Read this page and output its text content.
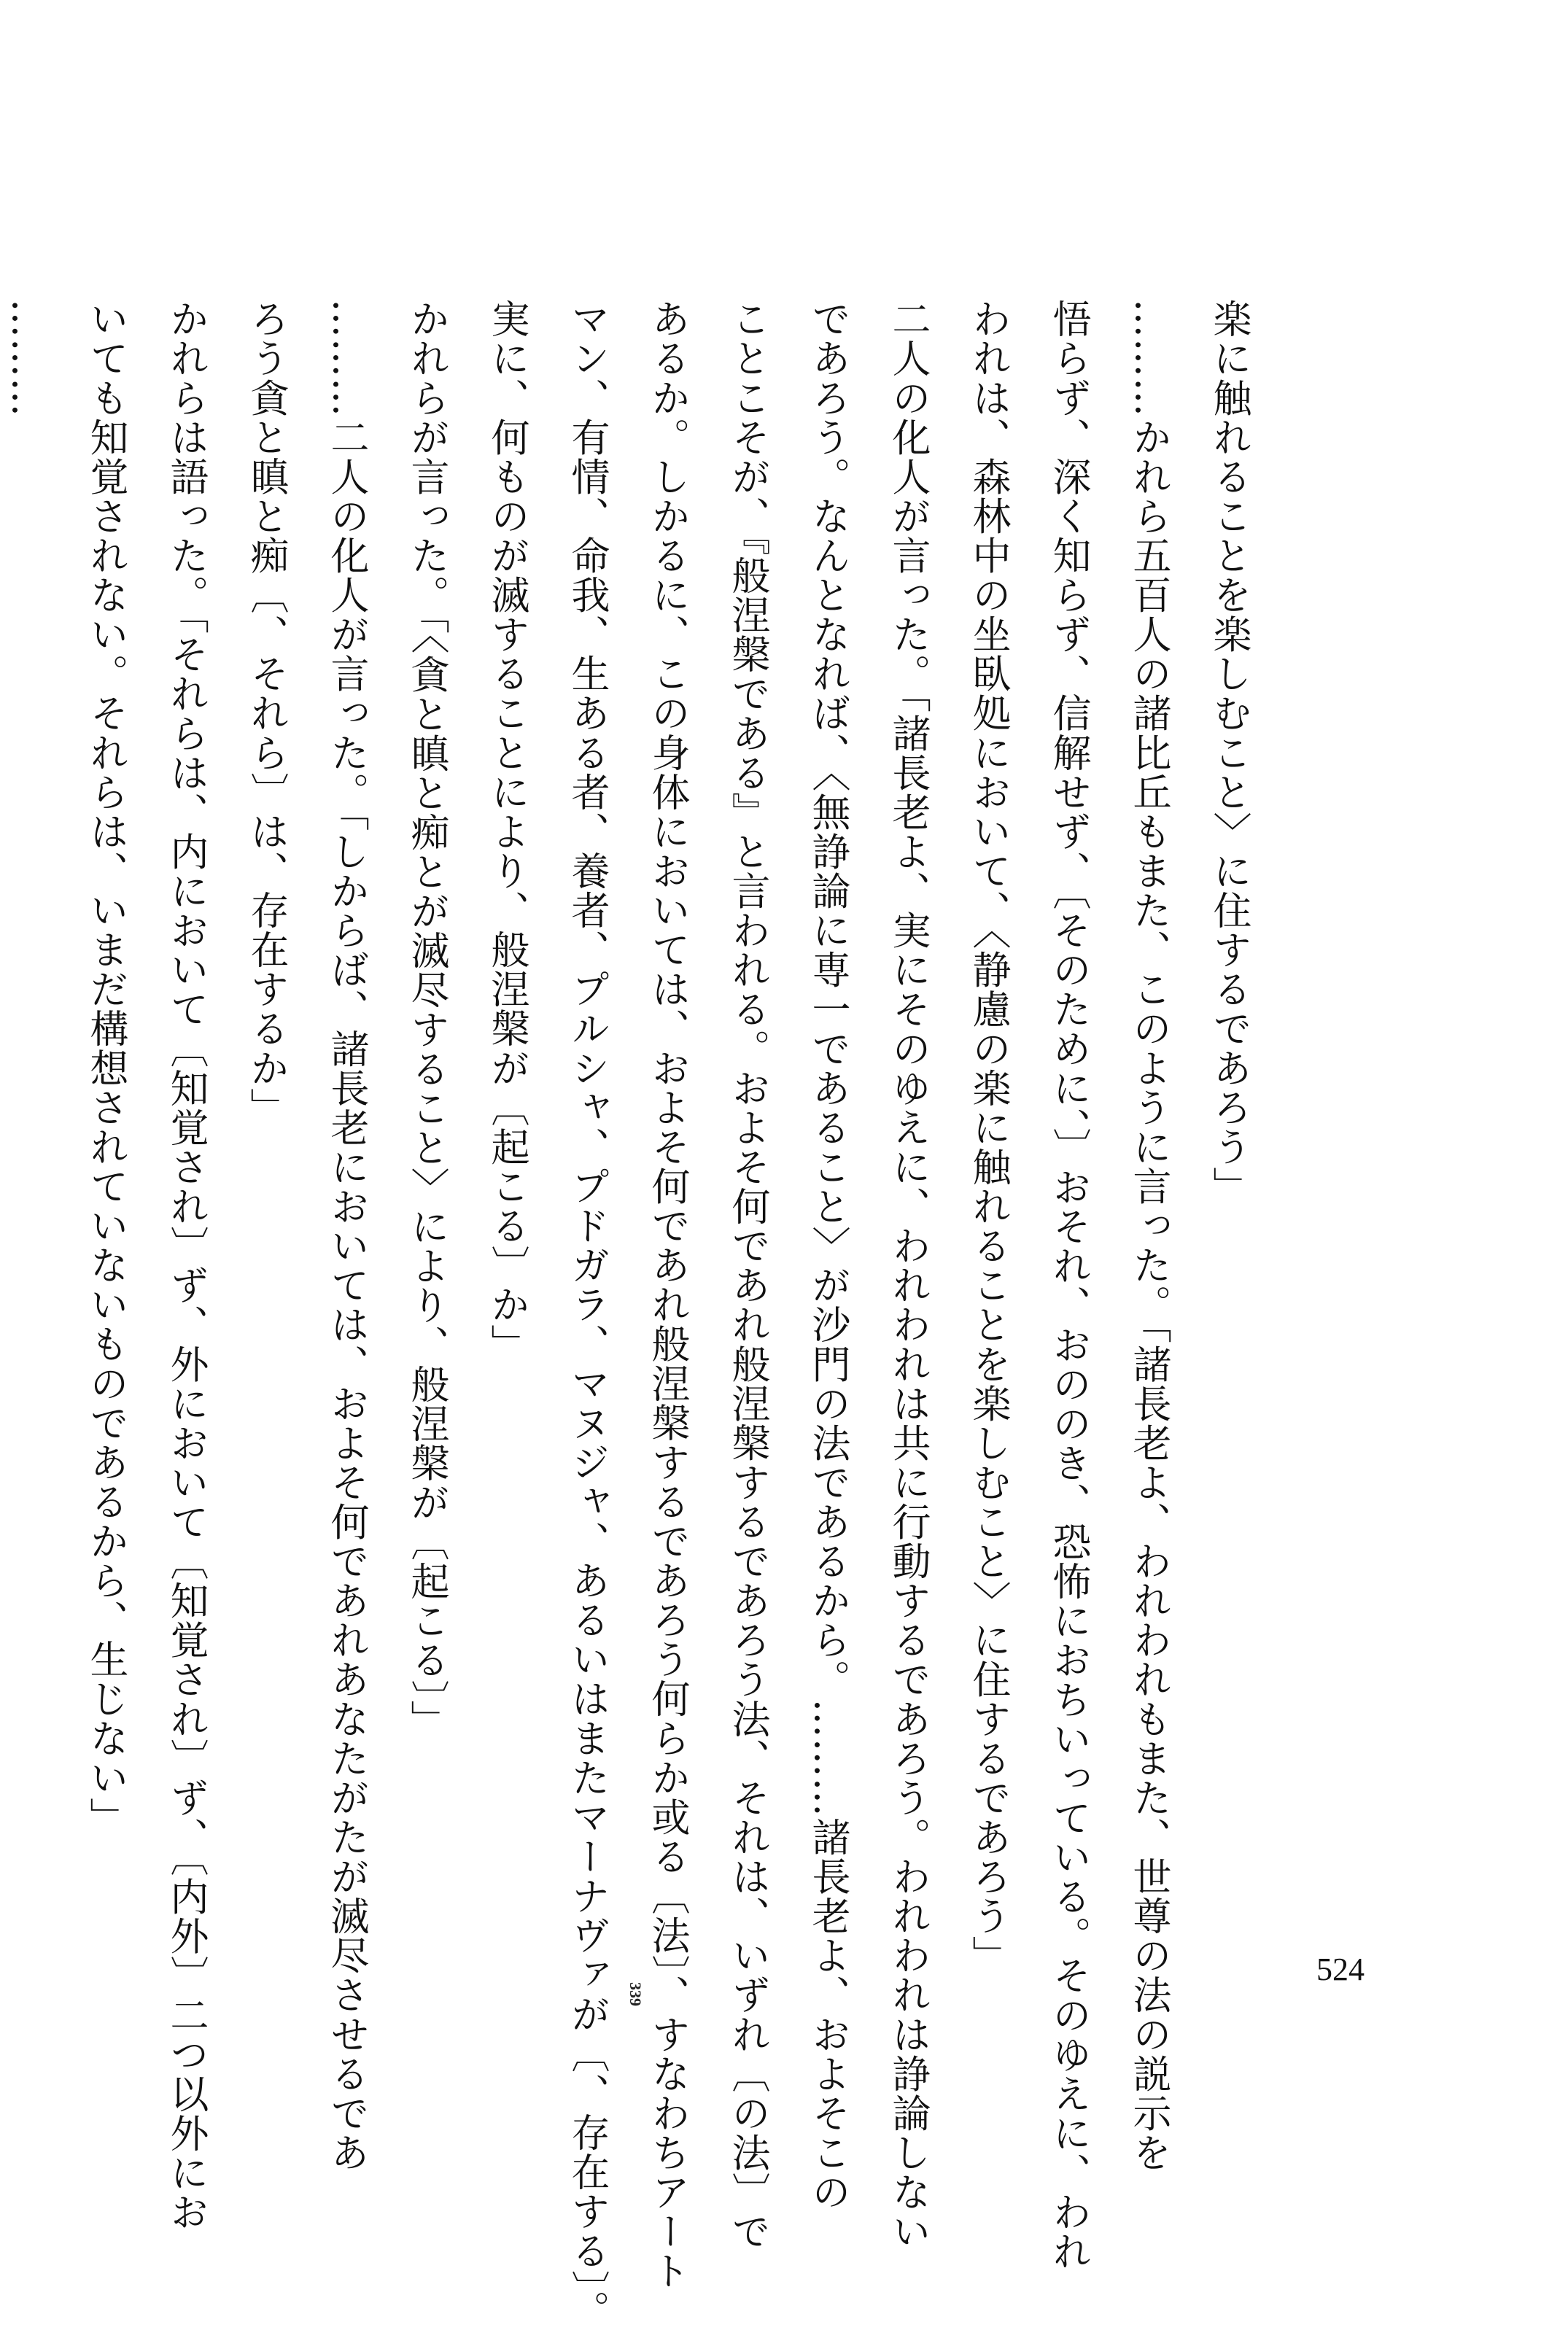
楽に触れることを楽しむこと〉に住するであろう」
………かれら五百人の諸比丘もまた、このように言った。「諸長老よ、われわれもまた、世尊の法の説示を
悟らず、深く知らず、信解せず、〔そのために、〕おそれ、おののき、恐怖におちいっている。そのゆえに、われ
われは、森林中の坐臥処において、〈静慮の楽に触れることを楽しむこと〉に住するであろう」
二人の化人が言った。「諸長老よ、実にそのゆえに、われわれは共に行動するであろう。われわれは諍論しない
であろう。なんとなれば、〈無諍論に専一であること〉が沙門の法であるから。………諸長老よ、およそこの
ことこそが、『般涅槃である』と言われる。およそ何であれ般涅槃するであろう法、それは、いずれ〔の法〕で
あるか。しかるに、この身体においては、およそ何であれ般涅槃するであろう何らか或る〔法〕、すなわちアート
マン、有情、命我、生ある者、養者、プルシャ、プドガラ、マヌジャ、あるいはまたマーナヴァが〔、存在する〕。
実に、何ものが滅することにより、般涅槃が〔起こる〕か」
かれらが言った。「〈貪と瞋と痴とが滅尽すること〉により、般涅槃が〔起こる〕」
………二人の化人が言った。「しからば、諸長老においては、およそ何であれあなたがたが滅尽させるであ
ろう貪と瞋と痴〔、それら〕は、存在するか」
かれらは語った。「それらは、内において〔知覚され〕ず、外において〔知覚され〕ず、〔内外〕二つ以外にお
いても知覚されない。それらは、いまだ構想されていないものであるから、生じない」
………
339
524
